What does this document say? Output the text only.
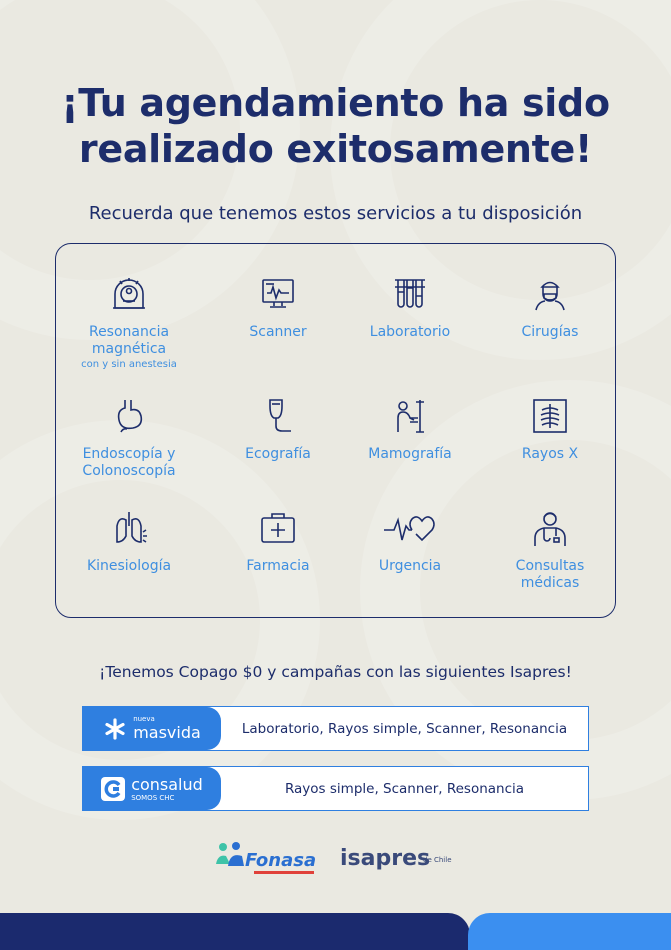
¡Tu agendamiento ha sido
realizado exitosamente!
Recuerda que tenemos estos servicios a tu disposición
Resonancia
magnética
con y sin anestesia
Scanner	Laboratorio	Cirugías
Endoscopía y
Colonoscopía
Ecografía	Mamografía	Rayos X
Kinesiología	Farmacia	Urgencia	Consultas
médicas
¡Tenemos Copago $0 y campañas con las siguientes Isapres!
nueva
masvida	Laboratorio, Rayos simple, Scanner, Resonancia
consalud
SOMOS CHC
Rayos simple, Scanner, Resonancia
Fonasa isapres
de Chile
